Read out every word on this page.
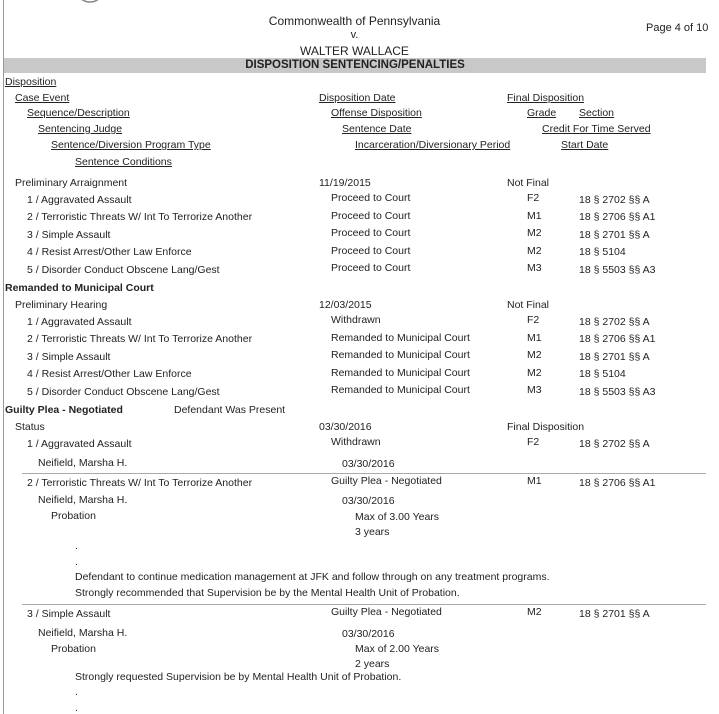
Commonwealth of Pennsylvania
v.
WALTER WALLACE
Page 4 of 10
DISPOSITION SENTENCING/PENALTIES
Disposition
Case Event
Sequence/Description
Sentencing Judge
Sentence/Diversion Program Type
Sentence Conditions
Disposition Date
Offense Disposition
Sentence Date
Incarceration/Diversionary Period
Final Disposition
Grade Section
Credit For Time Served
Start Date
Preliminary Arraignment	11/19/2015	Not Final
1 / Aggravated Assault	Proceed to Court	F2	18 § 2702 §§ A
2 / Terroristic Threats W/ Int To Terrorize Another	Proceed to Court	M1	18 § 2706 §§ A1
3 / Simple Assault	Proceed to Court	M2	18 § 2701 §§ A
4 / Resist Arrest/Other Law Enforce	Proceed to Court	M2	18 § 5104
5 / Disorder Conduct Obscene Lang/Gest	Proceed to Court	M3	18 § 5503 §§ A3
Remanded to Municipal Court
Preliminary Hearing	12/03/2015	Not Final
1 / Aggravated Assault	Withdrawn	F2	18 § 2702 §§ A
2 / Terroristic Threats W/ Int To Terrorize Another	Remanded to Municipal Court	M1	18 § 2706 §§ A1
3 / Simple Assault	Remanded to Municipal Court	M2	18 § 2701 §§ A
4 / Resist Arrest/Other Law Enforce	Remanded to Municipal Court	M2	18 § 5104
5 / Disorder Conduct Obscene Lang/Gest	Remanded to Municipal Court	M3	18 § 5503 §§ A3
Guilty Plea - Negotiated	Defendant Was Present
Status	03/30/2016	Final Disposition
1 / Aggravated Assault	Withdrawn	F2	18 § 2702 §§ A
Neifield, Marsha H.	03/30/2016
2 / Terroristic Threats W/ Int To Terrorize Another	Guilty Plea - Negotiated	M1	18 § 2706 §§ A1
Neifield, Marsha H.	03/30/2016
Probation	Max of 3.00 Years
3 years
.
.
Defendant to continue medication management at JFK and follow through on any treatment programs.
Strongly recommended that Supervision be by the Mental Health Unit of Probation.
3 / Simple Assault	Guilty Plea - Negotiated	M2	18 § 2701 §§ A
Neifield, Marsha H.	03/30/2016
Probation	Max of 2.00 Years
2 years
Strongly requested Supervision be by Mental Health Unit of Probation.
.
.
